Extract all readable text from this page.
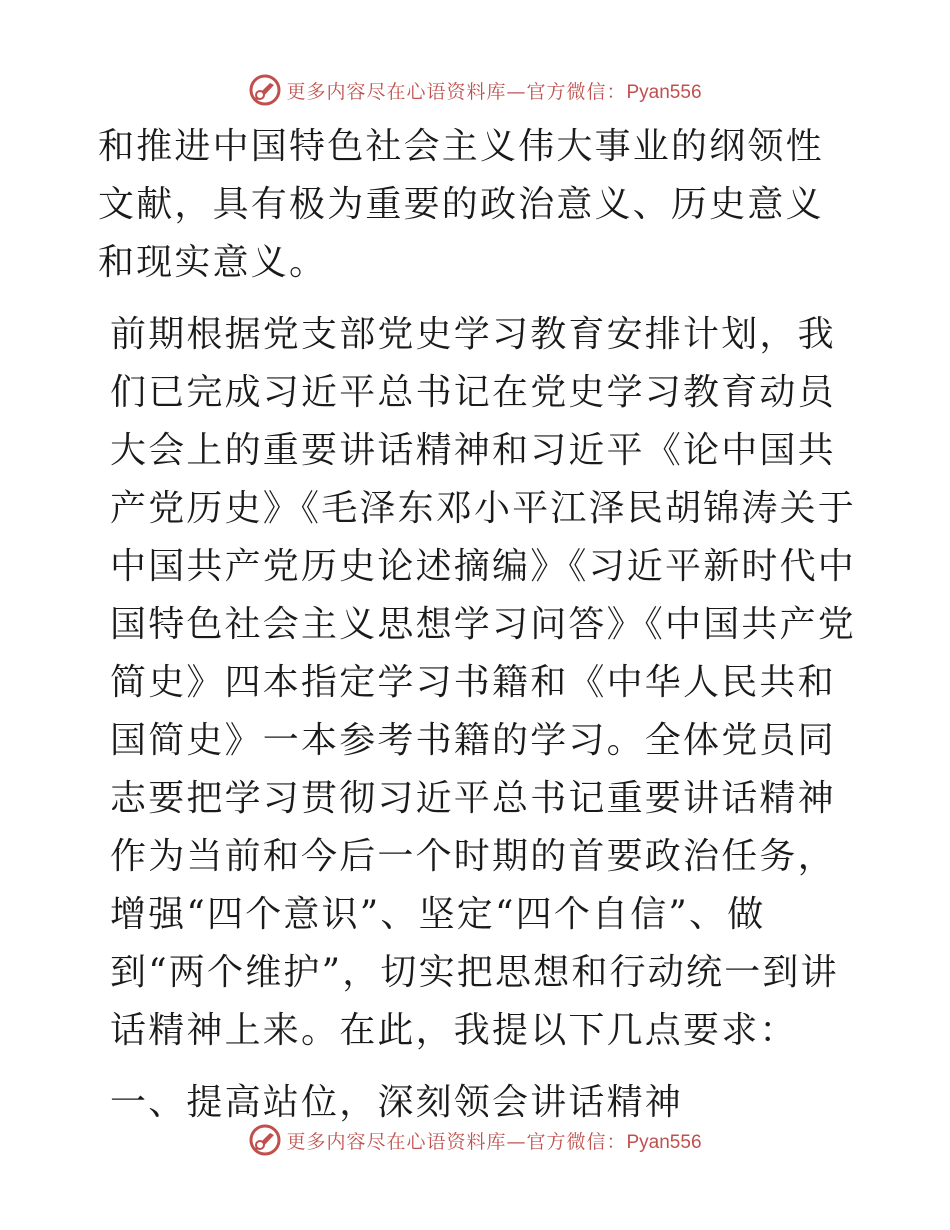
更多内容尽在心语资料库—官方微信：Pyan556

和推进中国特色社会主义伟大事业的纲领性文献，具有极为重要的政治意义、历史意义和现实意义。

前期根据党支部党史学习教育安排计划，我们已完成习近平总书记在党史学习教育动员大会上的重要讲话精神和习近平《论中国共产党历史》《毛泽东邓小平江泽民胡锦涛关于中国共产党历史论述摘编》《习近平新时代中国特色社会主义思想学习问答》《中国共产党简史》四本指定学习书籍和《中华人民共和国简史》一本参考书籍的学习。全体党员同志要把学习贯彻习近平总书记重要讲话精神作为当前和今后一个时期的首要政治任务，增强“四个意识”、坚定“四个自信”、做到“两个维护”，切实把思想和行动统一到讲话精神上来。在此，我提以下几点要求：

一、提高站位，深刻领会讲话精神

更多内容尽在心语资料库—官方微信：Pyan556
